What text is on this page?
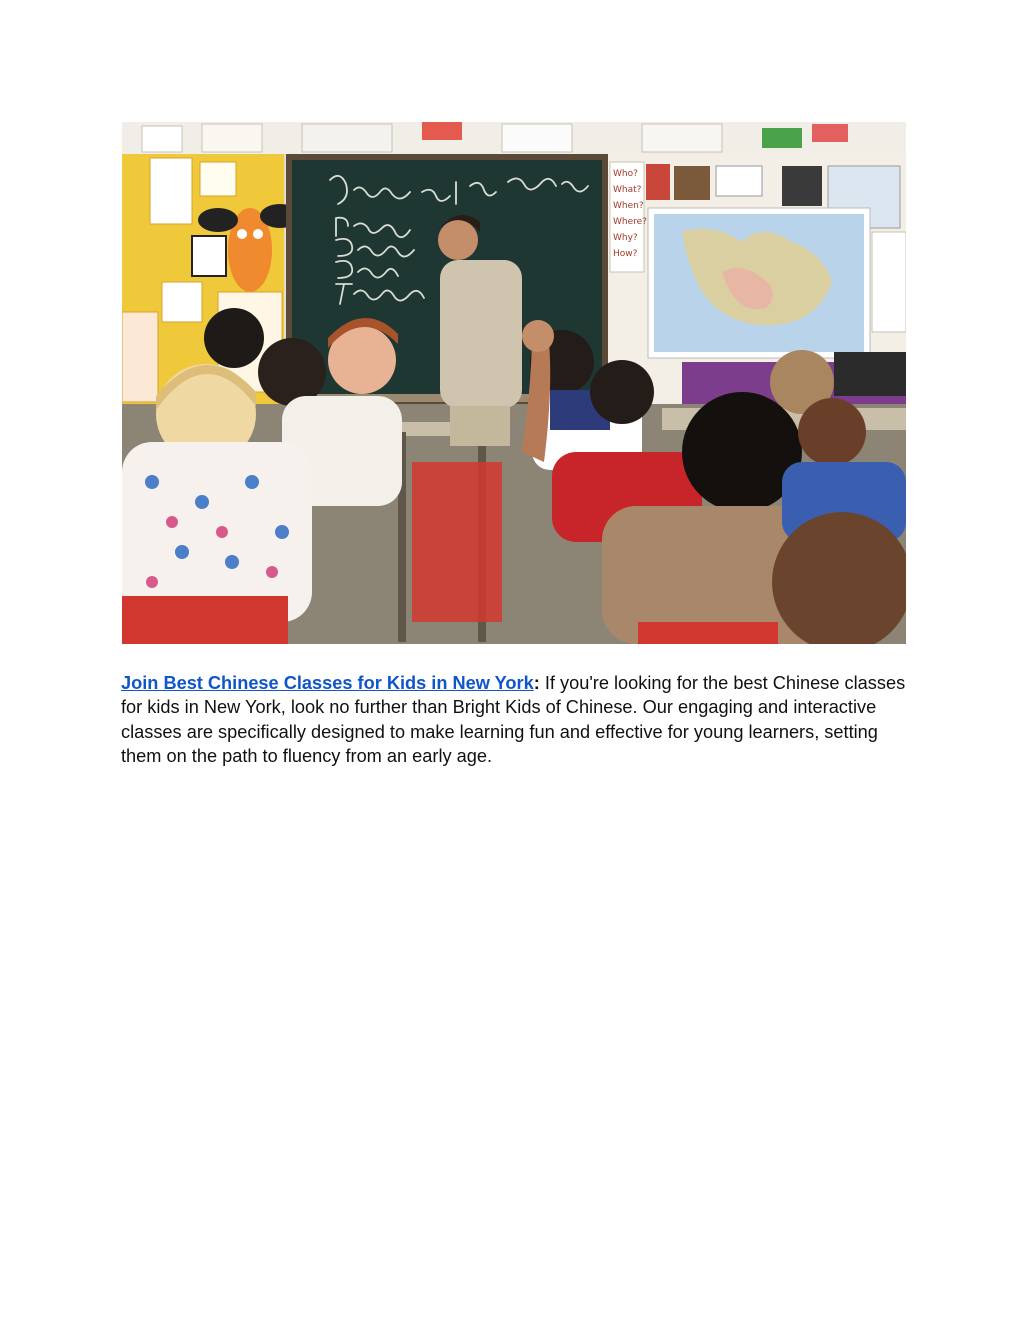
Who?
What?
When?
Where?
Why?
How?

Join Best Chinese Classes for Kids in New York: If you're looking for the best Chinese classes for kids in New York, look no further than Bright Kids of Chinese. Our engaging and interactive classes are specifically designed to make learning fun and effective for young learners, setting them on the path to fluency from an early age.
